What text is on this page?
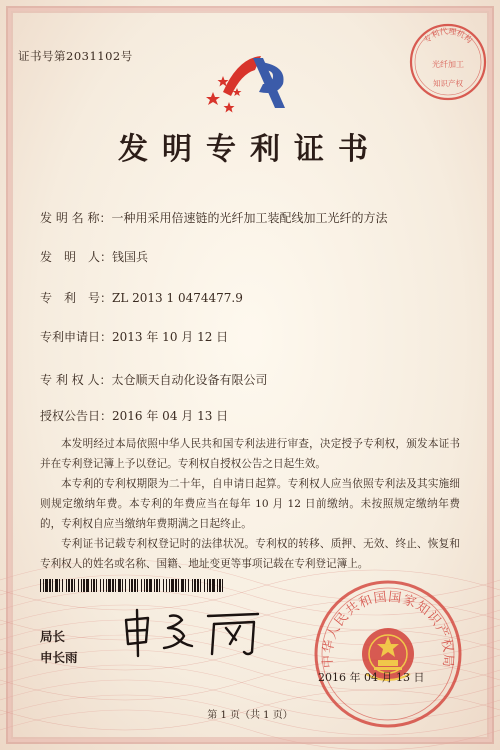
证书号第2031102号
专利代理机构
光纤加工
知识产权
发明专利证书
发 明 名 称：一种用采用倍速链的光纤加工装配线加工光纤的方法
发　明　人：钱国兵
专　利　号：ZL 2013 1 0474477.9
专利申请日：2013 年 10 月 12 日
专 利 权 人：太仓顺天自动化设备有限公司
授权公告日：2016 年 04 月 13 日

本发明经过本局依照中华人民共和国专利法进行审查，决定授予专利权，颁发本证书并在专利登记簿上予以登记。专利权自授权公告之日起生效。

本专利的专利权期限为二十年，自申请日起算。专利权人应当依照专利法及其实施细则规定缴纳年费。本专利的年费应当在每年 10 月 12 日前缴纳。未按照规定缴纳年费的，专利权自应当缴纳年费期满之日起终止。

专利证书记载专利权登记时的法律状况。专利权的转移、质押、无效、终止、恢复和专利权人的姓名或名称、国籍、地址变更等事项记载在专利登记簿上。

局长
申长雨	中华人民共和国国家知识产权局
2016 年 04 月 13 日
第 1 页（共 1 页）
